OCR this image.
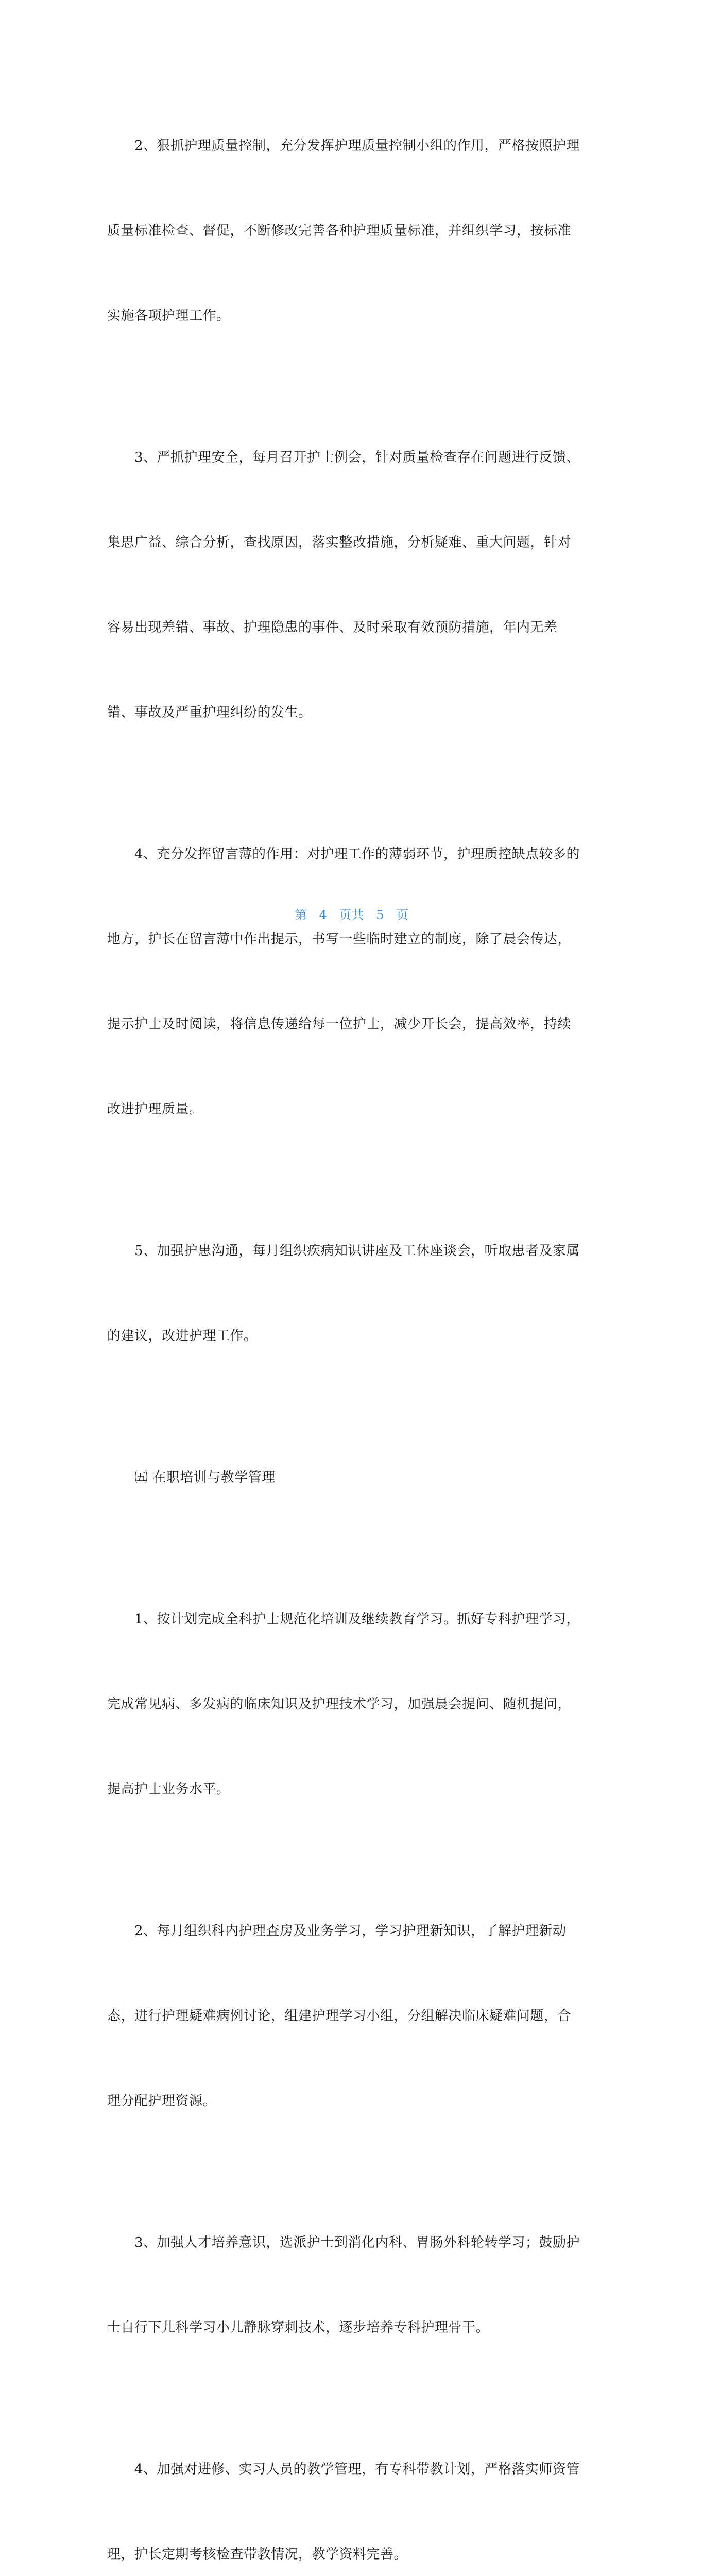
　　2、狠抓护理质量控制，充分发挥护理质量控制小组的作用，严格按照护理

质量标准检查、督促，不断修改完善各种护理质量标准，并组织学习，按标准

实施各项护理工作。

　　3、严抓护理安全，每月召开护士例会，针对质量检查存在问题进行反馈、

集思广益、综合分析，查找原因，落实整改措施，分析疑难、重大问题，针对

容易出现差错、事故、护理隐患的事件、及时采取有效预防措施，年内无差

错、事故及严重护理纠纷的发生。

　　4、充分发挥留言薄的作用：对护理工作的薄弱环节，护理质控缺点较多的

地方，护长在留言薄中作出提示，书写一些临时建立的制度，除了晨会传达，

提示护士及时阅读，将信息传递给每一位护士，减少开长会，提高效率，持续

改进护理质量。

　　5、加强护患沟通，每月组织疾病知识讲座及工休座谈会，听取患者及家属

的建议，改进护理工作。

　　㈤ 在职培训与教学管理

　　1、按计划完成全科护士规范化培训及继续教育学习。抓好专科护理学习，

完成常见病、多发病的临床知识及护理技术学习，加强晨会提问、随机提问，

提高护士业务水平。

　　2、每月组织科内护理查房及业务学习，学习护理新知识，了解护理新动

态，进行护理疑难病例讨论，组建护理学习小组，分组解决临床疑难问题，合

理分配护理资源。

　　3、加强人才培养意识，选派护士到消化内科、胃肠外科轮转学习；鼓励护

士自行下儿科学习小儿静脉穿刺技术，逐步培养专科护理骨干。

　　4、加强对进修、实习人员的教学管理，有专科带教计划，严格落实师资管

理，护长定期考核检查带教情况，教学资料完善。

第 4 页共 5 页
